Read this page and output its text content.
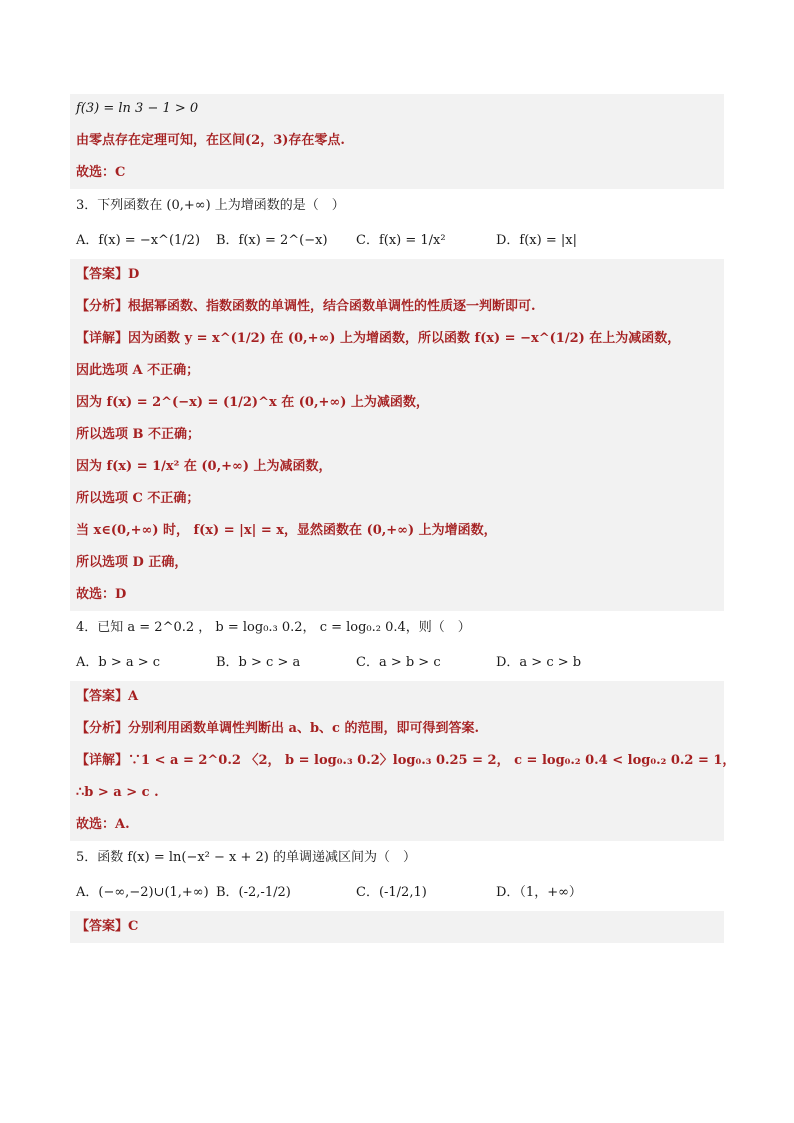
f(3) = ln 3 − 1 > 0
由零点存在定理可知，在区间(2，3)存在零点.
故选：C
3．下列函数在 (0,+∞) 上为增函数的是（　）
A．f(x) = −x^(1/2)	B．f(x) = 2^(−x)	C．f(x) = 1/x²	D．f(x) = |x|
【答案】D
【分析】根据幂函数、指数函数的单调性，结合函数单调性的性质逐一判断即可.
【详解】因为函数 y = x^(1/2) 在 (0,+∞) 上为增函数，所以函数 f(x) = −x^(1/2) 在上为减函数，
因此选项 A 不正确；
因为 f(x) = 2^(−x) = (1/2)^x 在 (0,+∞) 上为减函数，
所以选项 B 不正确；
因为 f(x) = 1/x² 在 (0,+∞) 上为减函数，
所以选项 C 不正确；
当 x∈(0,+∞) 时， f(x) = |x| = x，显然函数在 (0,+∞) 上为增函数，
所以选项 D 正确，
故选：D
4．已知 a = 2^0.2 ， b = log₀.₃ 0.2， c = log₀.₂ 0.4，则（　）
A．b > a > c	B．b > c > a	C．a > b > c	D．a > c > b
【答案】A
【分析】分别利用函数单调性判断出 a、b、c 的范围，即可得到答案.
【详解】∵1 < a = 2^0.2 〈2， b = log₀.₃ 0.2〉log₀.₃ 0.25 = 2， c = log₀.₂ 0.4 < log₀.₂ 0.2 = 1，
∴b > a > c .
故选：A.
5．函数 f(x) = ln(−x² − x + 2) 的单调递减区间为（　）
A．(−∞,−2)∪(1,+∞) B．(-2,-1/2)	C．(-1/2,1)	D．（1，+∞）
【答案】C
